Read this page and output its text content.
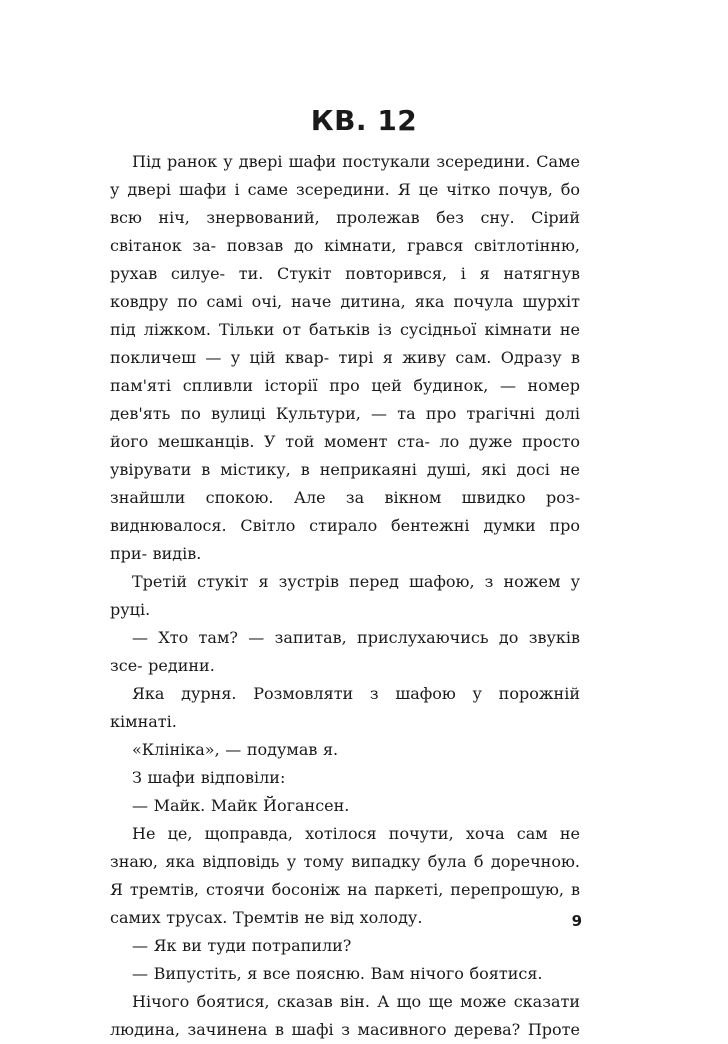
КВ. 12

Під ранок у двері шафи постукали зсередини. Саме у двері шафи і саме зсередини. Я це чітко почув, бо всю ніч, знервований, пролежав без сну. Сірий світанок за- повзав до кімнати, грався світлотінню, рухав силуе- ти. Стукіт повторився, і я натягнув ковдру по самі очі, наче дитина, яка почула шурхіт під ліжком. Тільки от батьків із сусідньої кімнати не покличеш — у цій квар- тирі я живу сам. Одразу в пам'яті спливли історії про цей будинок, — номер дев'ять по вулиці Культури, — та про трагічні долі його мешканців. У той момент ста- ло дуже просто увірувати в містику, в неприкаяні душі, які досі не знайшли спокою. Але за вікном швидко роз- виднювалося. Світло стирало бентежні думки про при- видів.

Третій стукіт я зустрів перед шафою, з ножем у руці.

— Хто там? — запитав, прислухаючись до звуків зсе- редини.

Яка дурня. Розмовляти з шафою у порожній кімнаті.

«Клініка», — подумав я.

З шафи відповіли:

— Майк. Майк Йогансен.

Не це, щоправда, хотілося почути, хоча сам не знаю, яка відповідь у тому випадку була б доречною. Я тремтів, стоячи босоніж на паркеті, перепрошую, в самих трусах. Тремтів не від холоду.

— Як ви туди потрапили?

— Випустіть, я все поясню. Вам нічого боятися.

Нічого боятися, сказав він. А що ще може сказати людина, зачинена в шафі з масивного дерева? Проте

9
